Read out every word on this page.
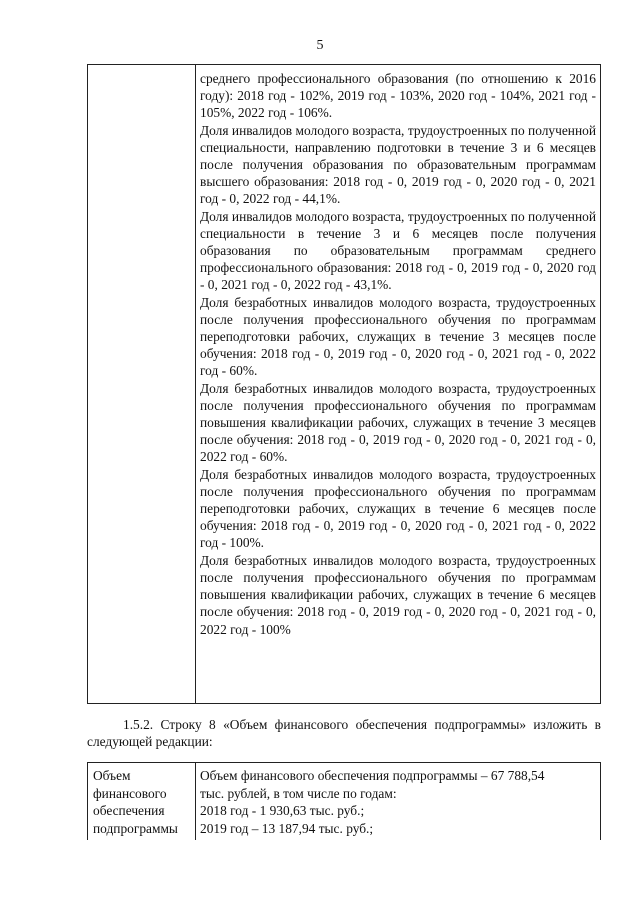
5

среднего профессионального образования (по отношению к 2016 году): 2018 год - 102%, 2019 год - 103%, 2020 год - 104%, 2021 год - 105%, 2022 год - 106%.

Доля инвалидов молодого возраста, трудоустроенных по полученной специальности, направлению подготовки в течение 3 и 6 месяцев после получения образования по образовательным программам высшего образования: 2018 год - 0, 2019 год - 0, 2020 год - 0, 2021 год - 0, 2022 год - 44,1%.

Доля инвалидов молодого возраста, трудоустроенных по полученной специальности в течение 3 и 6 месяцев после получения образования по образовательным программам среднего профессионального образования: 2018 год - 0, 2019 год - 0, 2020 год - 0, 2021 год - 0, 2022 год - 43,1%.

Доля безработных инвалидов молодого возраста, трудоустроенных после получения профессионального обучения по программам переподготовки рабочих, служащих в течение 3 месяцев после обучения: 2018 год - 0, 2019 год - 0, 2020 год - 0, 2021 год - 0, 2022 год - 60%.

Доля безработных инвалидов молодого возраста, трудоустроенных после получения профессионального обучения по программам повышения квалификации рабочих, служащих в течение 3 месяцев после обучения: 2018 год - 0, 2019 год - 0, 2020 год - 0, 2021 год - 0, 2022 год - 60%.

Доля безработных инвалидов молодого возраста, трудоустроенных после получения профессионального обучения по программам переподготовки рабочих, служащих в течение 6 месяцев после обучения: 2018 год - 0, 2019 год - 0, 2020 год - 0, 2021 год - 0, 2022 год - 100%.

Доля безработных инвалидов молодого возраста, трудоустроенных после получения профессионального обучения по программам повышения квалификации рабочих, служащих в течение 6 месяцев после обучения: 2018 год - 0, 2019 год - 0, 2020 год - 0, 2021 год - 0, 2022 год - 100%

1.5.2. Строку 8 «Объем финансового обеспечения подпрограммы» изложить в следующей редакции:
Объем
финансового
обеспечения
подпрограммы
Объем финансового обеспечения подпрограммы – 67 788,54
тыс. рублей, в том числе по годам:
2018 год - 1 930,63 тыс. руб.;
2019 год – 13 187,94 тыс. руб.;
